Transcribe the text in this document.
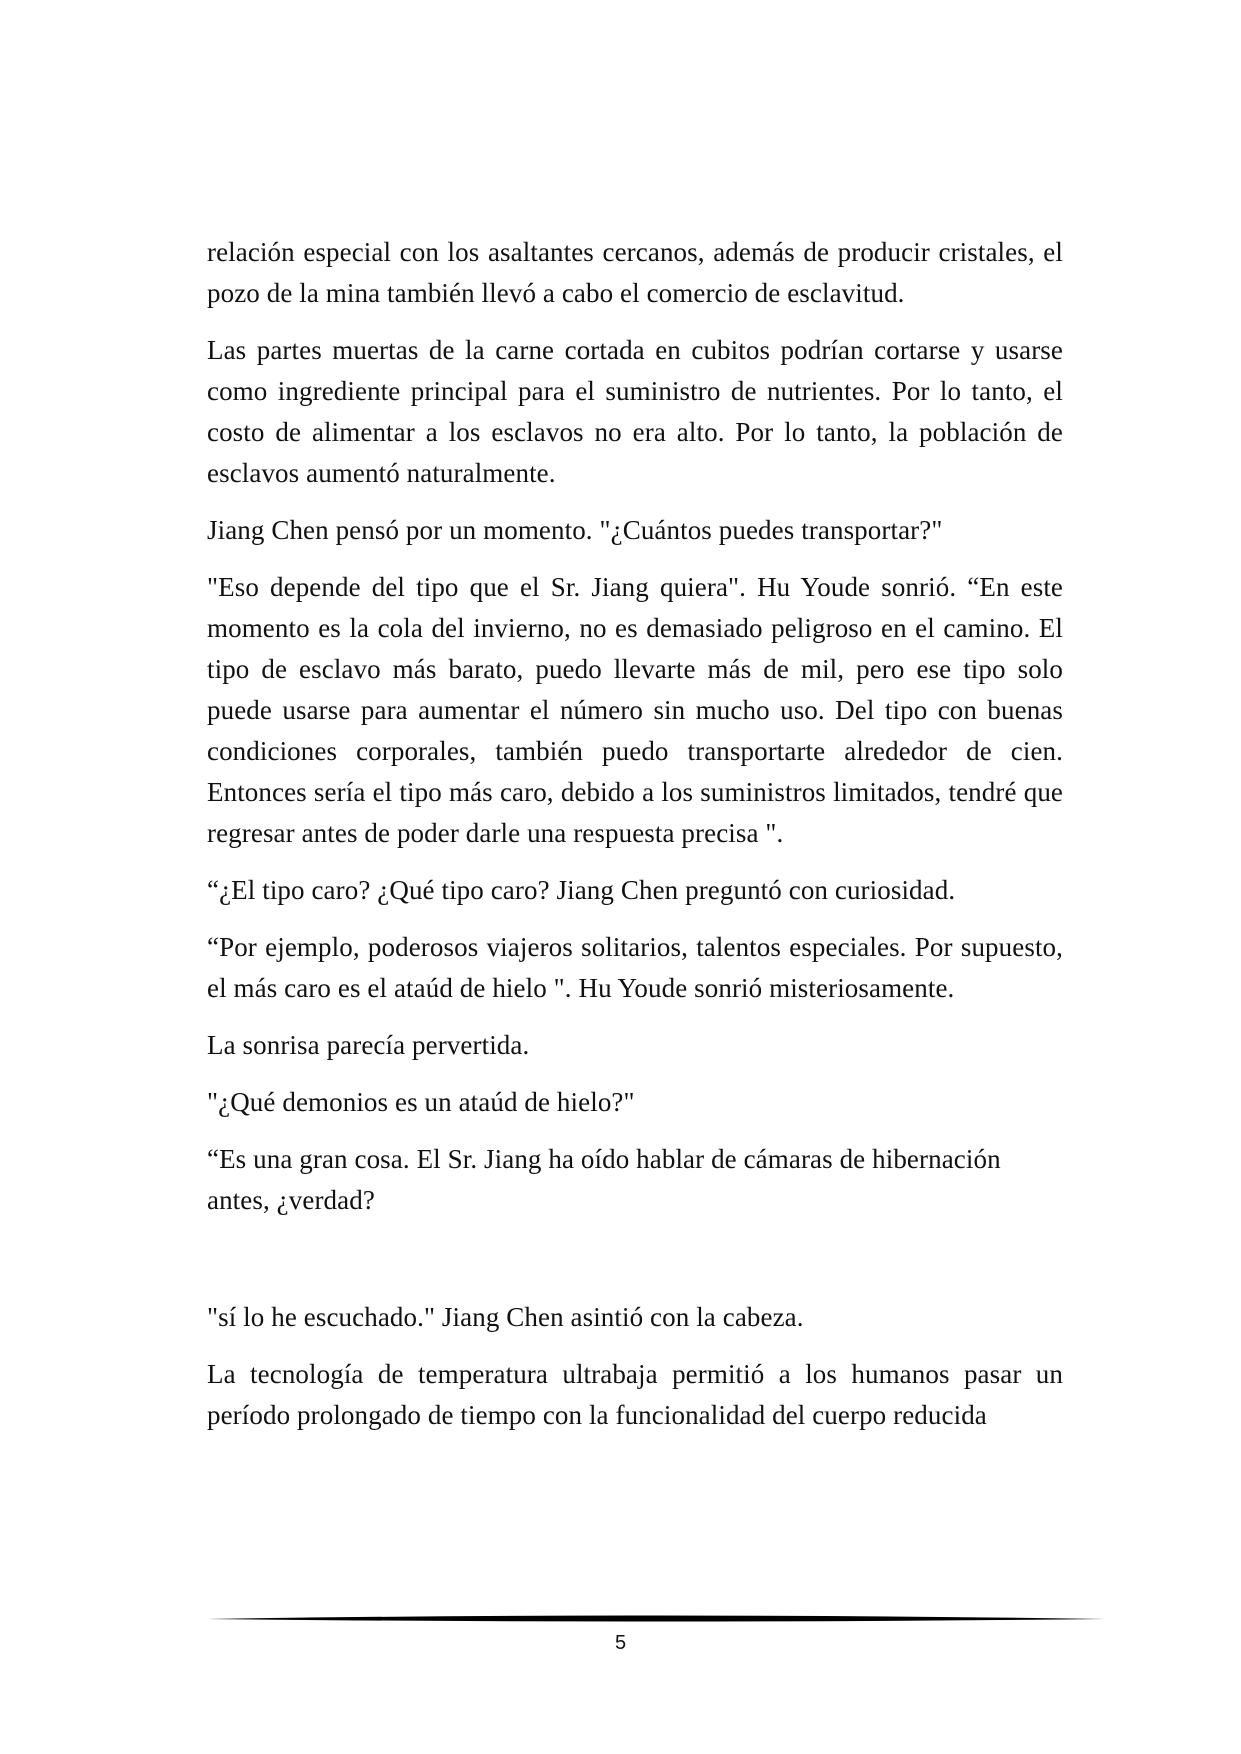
relación especial con los asaltantes cercanos, además de producir cristales, el pozo de la mina también llevó a cabo el comercio de esclavitud.

Las partes muertas de la carne cortada en cubitos podrían cortarse y usarse como ingrediente principal para el suministro de nutrientes. Por lo tanto, el costo de alimentar a los esclavos no era alto. Por lo tanto, la población de esclavos aumentó naturalmente.

Jiang Chen pensó por un momento. "¿Cuántos puedes transportar?"

"Eso depende del tipo que el Sr. Jiang quiera". Hu Youde sonrió. “En este momento es la cola del invierno, no es demasiado peligroso en el camino. El tipo de esclavo más barato, puedo llevarte más de mil, pero ese tipo solo puede usarse para aumentar el número sin mucho uso. Del tipo con buenas condiciones corporales, también puedo transportarte alrededor de cien. Entonces sería el tipo más caro, debido a los suministros limitados, tendré que regresar antes de poder darle una respuesta precisa ".

“¿El tipo caro? ¿Qué tipo caro? Jiang Chen preguntó con curiosidad.

“Por ejemplo, poderosos viajeros solitarios, talentos especiales. Por supuesto, el más caro es el ataúd de hielo ". Hu Youde sonrió misteriosamente.

La sonrisa parecía pervertida.

"¿Qué demonios es un ataúd de hielo?"

“Es una gran cosa. El Sr. Jiang ha oído hablar de cámaras de hibernación antes, ¿verdad?

"sí lo he escuchado." Jiang Chen asintió con la cabeza.

La tecnología de temperatura ultrabaja permitió a los humanos pasar un período prolongado de tiempo con la funcionalidad del cuerpo reducida

5
